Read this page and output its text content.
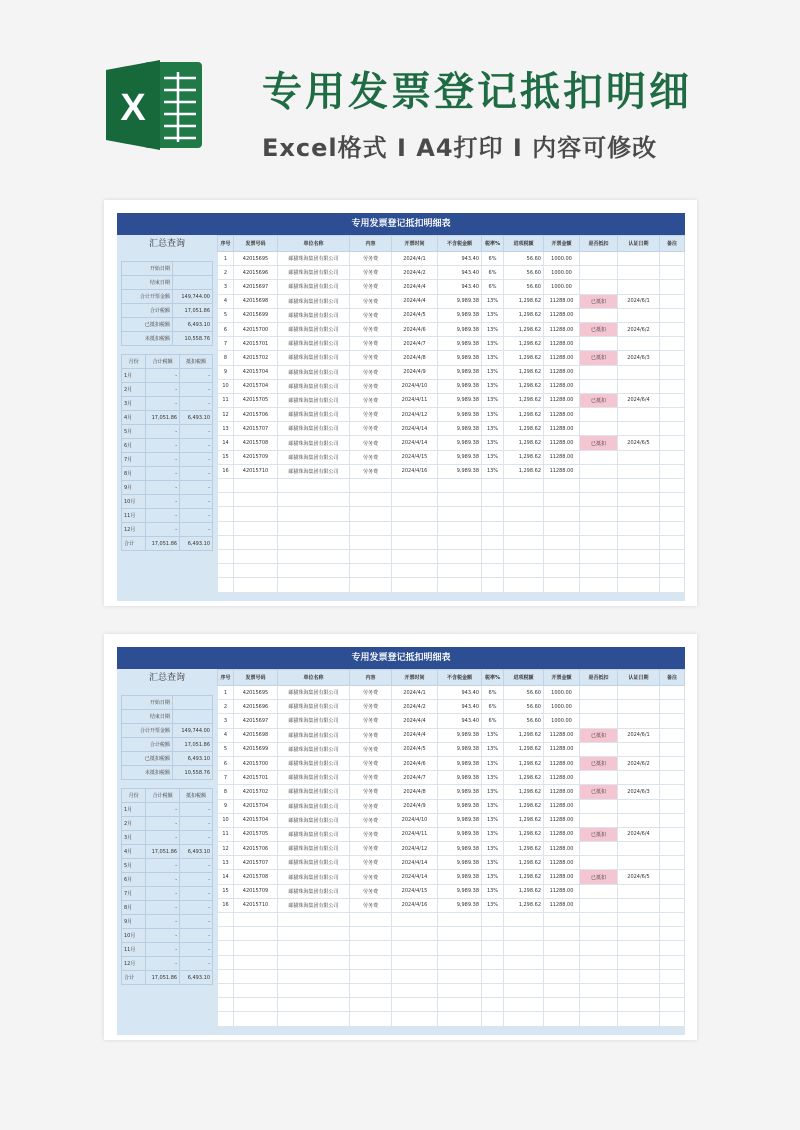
X	专用发票登记抵扣明细
Excel格式 I A4打印 I 内容可修改
专用发票登记抵扣明细表
汇总查询
开始日期	
结束日期	
合计开票金额	149,744.00
合计税额	17,051.86
已抵扣税额	6,493.10
未抵扣税额	10,558.76
月份	合计税额	抵扣税额
1月	-	-
2月	-	-
3月	-	-
4月	17,051.86	6,493.10
5月	-	-
6月	-	-
7月	-	-
8月	-	-
9月	-	-
10月	-	-
11月	-	-
12月	-	-
合计	17,051.86	6,493.10
序号	发票号码	单位名称	内容	开票时间	不含税金额	税率%	进项税额	开票金额	是否抵扣	认证日期	备注
1	42015695	邮猫珠海集团有限公司	劳务费	2024/4/1	943.40	6%	56.60	1000.00			
2	42015696	邮猫珠海集团有限公司	劳务费	2024/4/2	943.40	6%	56.60	1000.00			
3	42015697	邮猫珠海集团有限公司	劳务费	2024/4/4	943.40	6%	56.60	1000.00			
4	42015698	邮猫珠海集团有限公司	劳务费	2024/4/4	9,989.38	13%	1,298.62	11288.00	已抵扣	2024/6/1	
5	42015699	邮猫珠海集团有限公司	劳务费	2024/4/5	9,989.38	13%	1,298.62	11288.00			
6	42015700	邮猫珠海集团有限公司	劳务费	2024/4/6	9,989.38	13%	1,298.62	11288.00	已抵扣	2024/6/2	
7	42015701	邮猫珠海集团有限公司	劳务费	2024/4/7	9,989.38	13%	1,298.62	11288.00			
8	42015702	邮猫珠海集团有限公司	劳务费	2024/4/8	9,989.38	13%	1,298.62	11288.00	已抵扣	2024/6/3	
9	42015704	邮猫珠海集团有限公司	劳务费	2024/4/9	9,989.38	13%	1,298.62	11288.00			
10	42015704	邮猫珠海集团有限公司	劳务费	2024/4/10	9,989.38	13%	1,298.62	11288.00			
11	42015705	邮猫珠海集团有限公司	劳务费	2024/4/11	9,989.38	13%	1,298.62	11288.00	已抵扣	2024/6/4	
12	42015706	邮猫珠海集团有限公司	劳务费	2024/4/12	9,989.38	13%	1,298.62	11288.00			
13	42015707	邮猫珠海集团有限公司	劳务费	2024/4/14	9,989.38	13%	1,298.62	11288.00			
14	42015708	邮猫珠海集团有限公司	劳务费	2024/4/14	9,989.38	13%	1,298.62	11288.00	已抵扣	2024/6/5	
15	42015709	邮猫珠海集团有限公司	劳务费	2024/4/15	9,989.38	13%	1,298.62	11288.00			
16	42015710	邮猫珠海集团有限公司	劳务费	2024/4/16	9,989.38	13%	1,298.62	11288.00			

专用发票登记抵扣明细表
汇总查询
开始日期	
结束日期	
合计开票金额	149,744.00
合计税额	17,051.86
已抵扣税额	6,493.10
未抵扣税额	10,558.76
月份	合计税额	抵扣税额
1月	-	-
2月	-	-
3月	-	-
4月	17,051.86	6,493.10
5月	-	-
6月	-	-
7月	-	-
8月	-	-
9月	-	-
10月	-	-
11月	-	-
12月	-	-
合计	17,051.86	6,493.10
序号	发票号码	单位名称	内容	开票时间	不含税金额	税率%	进项税额	开票金额	是否抵扣	认证日期	备注
1	42015695	邮猫珠海集团有限公司	劳务费	2024/4/1	943.40	6%	56.60	1000.00			
2	42015696	邮猫珠海集团有限公司	劳务费	2024/4/2	943.40	6%	56.60	1000.00			
3	42015697	邮猫珠海集团有限公司	劳务费	2024/4/4	943.40	6%	56.60	1000.00			
4	42015698	邮猫珠海集团有限公司	劳务费	2024/4/4	9,989.38	13%	1,298.62	11288.00	已抵扣	2024/6/1	
5	42015699	邮猫珠海集团有限公司	劳务费	2024/4/5	9,989.38	13%	1,298.62	11288.00			
6	42015700	邮猫珠海集团有限公司	劳务费	2024/4/6	9,989.38	13%	1,298.62	11288.00	已抵扣	2024/6/2	
7	42015701	邮猫珠海集团有限公司	劳务费	2024/4/7	9,989.38	13%	1,298.62	11288.00			
8	42015702	邮猫珠海集团有限公司	劳务费	2024/4/8	9,989.38	13%	1,298.62	11288.00	已抵扣	2024/6/3	
9	42015704	邮猫珠海集团有限公司	劳务费	2024/4/9	9,989.38	13%	1,298.62	11288.00			
10	42015704	邮猫珠海集团有限公司	劳务费	2024/4/10	9,989.38	13%	1,298.62	11288.00			
11	42015705	邮猫珠海集团有限公司	劳务费	2024/4/11	9,989.38	13%	1,298.62	11288.00	已抵扣	2024/6/4	
12	42015706	邮猫珠海集团有限公司	劳务费	2024/4/12	9,989.38	13%	1,298.62	11288.00			
13	42015707	邮猫珠海集团有限公司	劳务费	2024/4/14	9,989.38	13%	1,298.62	11288.00			
14	42015708	邮猫珠海集团有限公司	劳务费	2024/4/14	9,989.38	13%	1,298.62	11288.00	已抵扣	2024/6/5	
15	42015709	邮猫珠海集团有限公司	劳务费	2024/4/15	9,989.38	13%	1,298.62	11288.00			
16	42015710	邮猫珠海集团有限公司	劳务费	2024/4/16	9,989.38	13%	1,298.62	11288.00			
